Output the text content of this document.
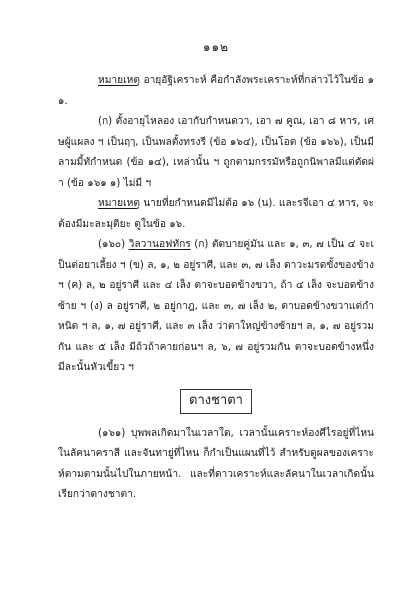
๑๑๒

หมายเหตุ อายุอัฐิเคราะห์ คือกำลังพระเคราะห์ที่กล่าวไว้ในข้อ ๑๑.

(ก) ตั้งอายุไหลอง เอากับกำหนดวา, เอา ๗ คูณ, เอา ๘ หาร, เศษผู้แผลง ฯ เป็นฤๅ, เป็นพลตั้งทรงรี (ข้อ ๑๖๔), เป็นโอต (ข้อ ๑๖๖), เป็นมีลามมี้ทักำหนด (ข้อ ๑๔), เหล่านั้น ฯ ถูกตามกรรมัหรือถูกนิพาลมีแต่ตัดผ่า (ข้อ ๑๖๑ ๑) ไม่มี ฯ

หมายเหตุ นายที่ยกำหนดมีไม่ต้อ ๑๖ (น). และรจีเอา ๔ หาร, จะต้องมีมะละมุติยะ ดูในข้อ ๑๖.

(๑๖๐) วิลวานอฟทักร (ก) ตัดบายคู่มัน และ ๑, ๓, ๗ เป็น ๔ จะเป็นต่อยาเลี้ยง ฯ (ข) ล, ๑, ๒ อยู่ราศี, และ ๓, ๗ เล็ง ดาวะมรดขั้งของข้าง ฯ (ค) ล, ๒ อยู่ราศี และ ๔ เล็ง ตาจะบอดข้างขวา, ถ้า ๔ เล็ง จะบอดข้างซ้าย ฯ (ง) ล อยู่ราศี, ๒ อยู่กาฎ, และ ๓, ๗ เล็ง ๒, ตาบอดข้างขวาแต่กำหนิด ฯ ล, ๑, ๗ อยู่ราศี, และ ๓ เล็ง ว่าตาใหญ่ข้างซ้ายฯ ล, ๑, ๗ อยู่รวมกัน และ ๕ เล็ง มีถ้วถ้าคายก่อนฯ ล, ๖, ๗ อยู่รวมกัน ตาจะบอดข้างหนึ่ง มีละนั้นหัวเขี้ยว ฯ

ตางชาตา

(๑๖๑) บุพพลเกิดมาในเวลาใด, เวลานั้นเคราะห์องศีไรอยู่ที่ไหนในลัคนาคราสี และจันทายู่ที่ไหน ก็กำเป็นแผนที่ไว้ สำหรับดูผลของเคราะห์ตามตามนั้นไปในภายหน้า. และที่ดาวเคราะห์และลัคนาในเวลาเกิดนั้น เรียกว่าดางชาตา.
